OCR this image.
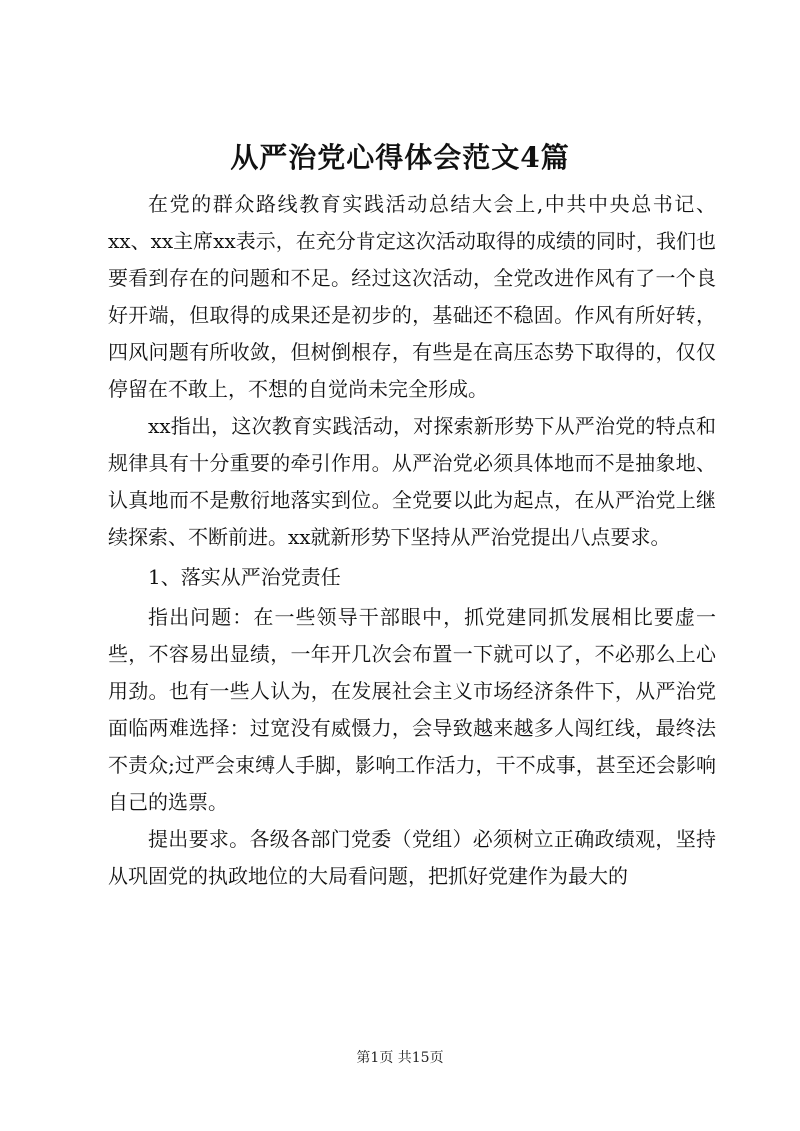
从严治党心得体会范文4篇

在党的群众路线教育实践活动总结大会上,中共中央总书记、xx、xx主席xx表示，在充分肯定这次活动取得的成绩的同时，我们也要看到存在的问题和不足。经过这次活动，全党改进作风有了一个良好开端，但取得的成果还是初步的，基础还不稳固。作风有所好转，四风问题有所收敛，但树倒根存，有些是在高压态势下取得的，仅仅停留在不敢上，不想的自觉尚未完全形成。

xx指出，这次教育实践活动，对探索新形势下从严治党的特点和规律具有十分重要的牵引作用。从严治党必须具体地而不是抽象地、认真地而不是敷衍地落实到位。全党要以此为起点，在从严治党上继续探索、不断前进。xx就新形势下坚持从严治党提出八点要求。

1、落实从严治党责任

指出问题：在一些领导干部眼中，抓党建同抓发展相比要虚一些，不容易出显绩，一年开几次会布置一下就可以了，不必那么上心用劲。也有一些人认为，在发展社会主义市场经济条件下，从严治党面临两难选择：过宽没有威慑力，会导致越来越多人闯红线，最终法不责众;过严会束缚人手脚，影响工作活力，干不成事，甚至还会影响自己的选票。

提出要求。各级各部门党委（党组）必须树立正确政绩观，坚持从巩固党的执政地位的大局看问题，把抓好党建作为最大的

第1页 共15页
